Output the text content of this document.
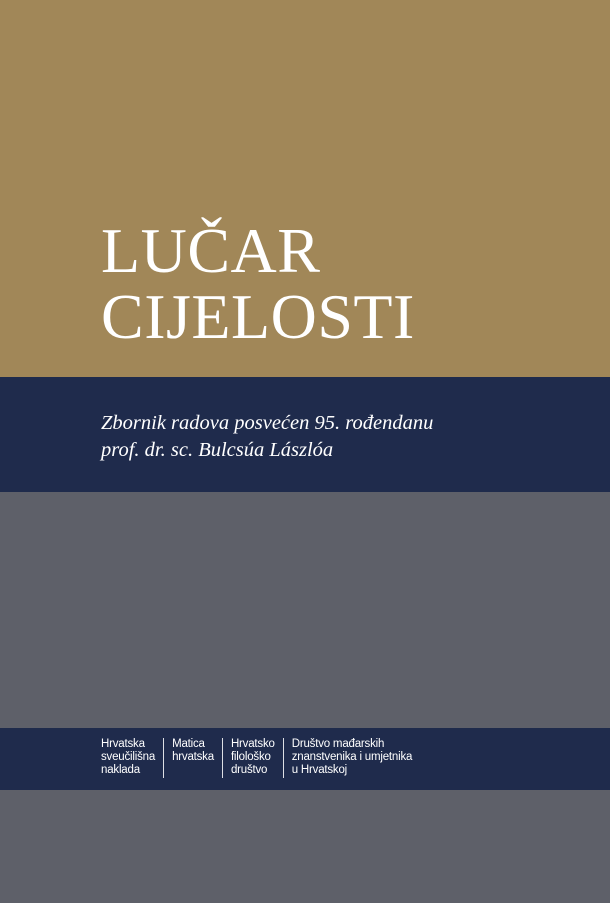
LUČAR
CIJELOSTI
Zbornik radova posvećen 95. rođendanu
prof. dr. sc. Bulcsúa Lászlóa
Hrvatska
sveučilišna
naklada
Matica
hrvatska
Hrvatsko
filološko
društvo
Društvo mađarskih
znanstvenika i umjetnika
u Hrvatskoj
